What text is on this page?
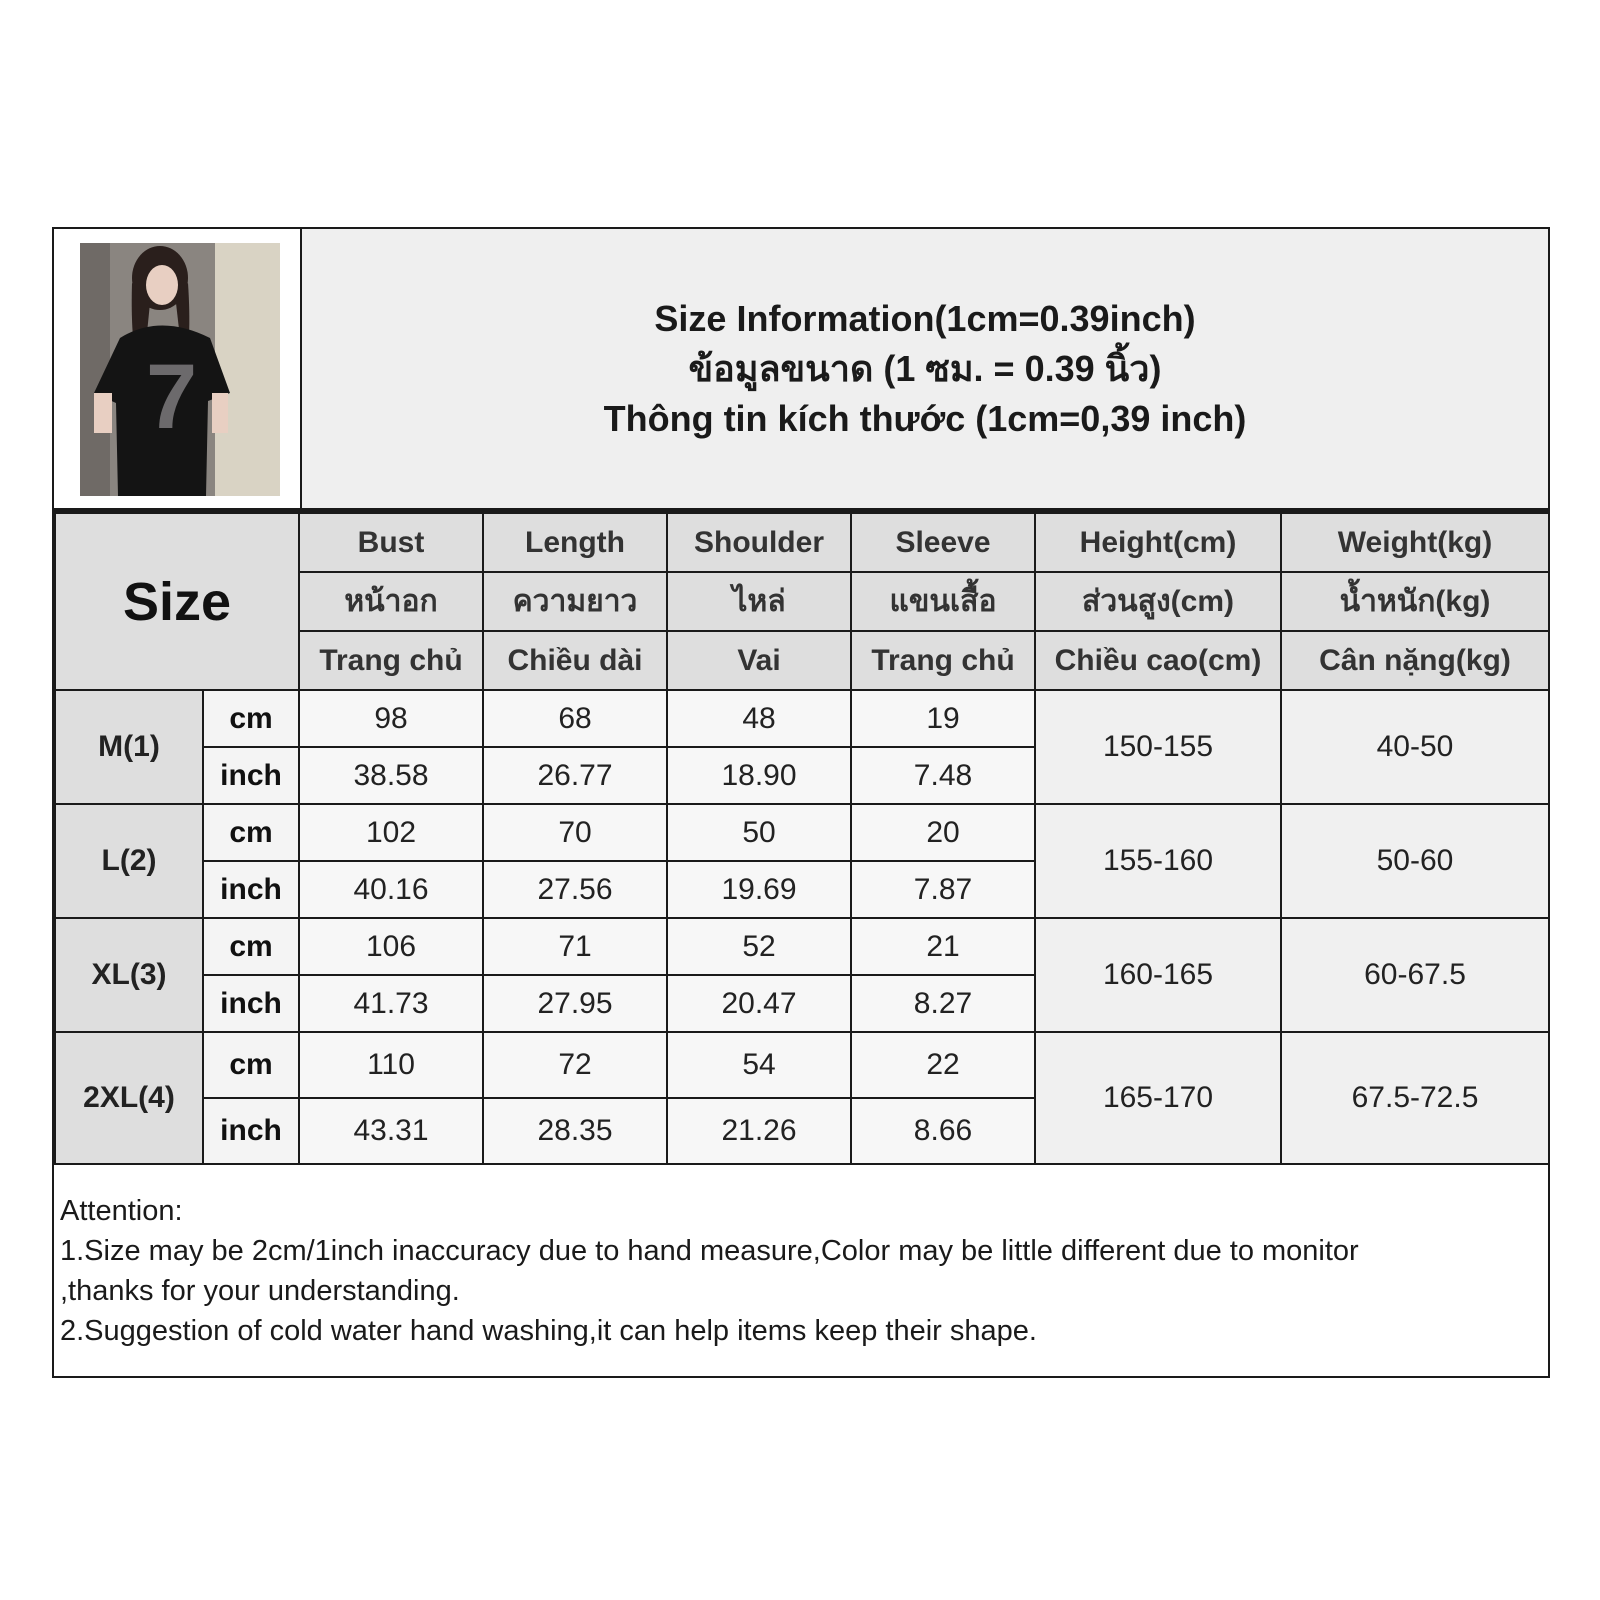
7
Size Information(1cm=0.39inch)
ข้อมูลขนาด (1 ซม. = 0.39 นิ้ว)
Thông tin kích thước (1cm=0,39 inch)
Size		Bust	Length	Shoulder	Sleeve	Height(cm)	Weight(kg)
		หน้าอก	ความยาว	ไหล่	แขนเสื้อ	ส่วนสูง(cm)	น้ำหนัก(kg)
		Trang chủ	Chiều dài	Vai	Trang chủ	Chiều cao(cm)	Cân nặng(kg)
M(1)	cm	98	68	48	19	150-155	40-50
	inch	38.58	26.77	18.90	7.48		
L(2)	cm	102	70	50	20	155-160	50-60
	inch	40.16	27.56	19.69	7.87		
XL(3)	cm	106	71	52	21	160-165	60-67.5
	inch	41.73	27.95	20.47	8.27		
2XL(4)	cm	110	72	54	22	165-170	67.5-72.5
	inch	43.31	28.35	21.26	8.66		
Attention:
1.Size may be 2cm/1inch inaccuracy due to hand measure,Color may be little different due to monitor
,thanks for your understanding.
2.Suggestion of cold water hand washing,it can help items keep their shape.
